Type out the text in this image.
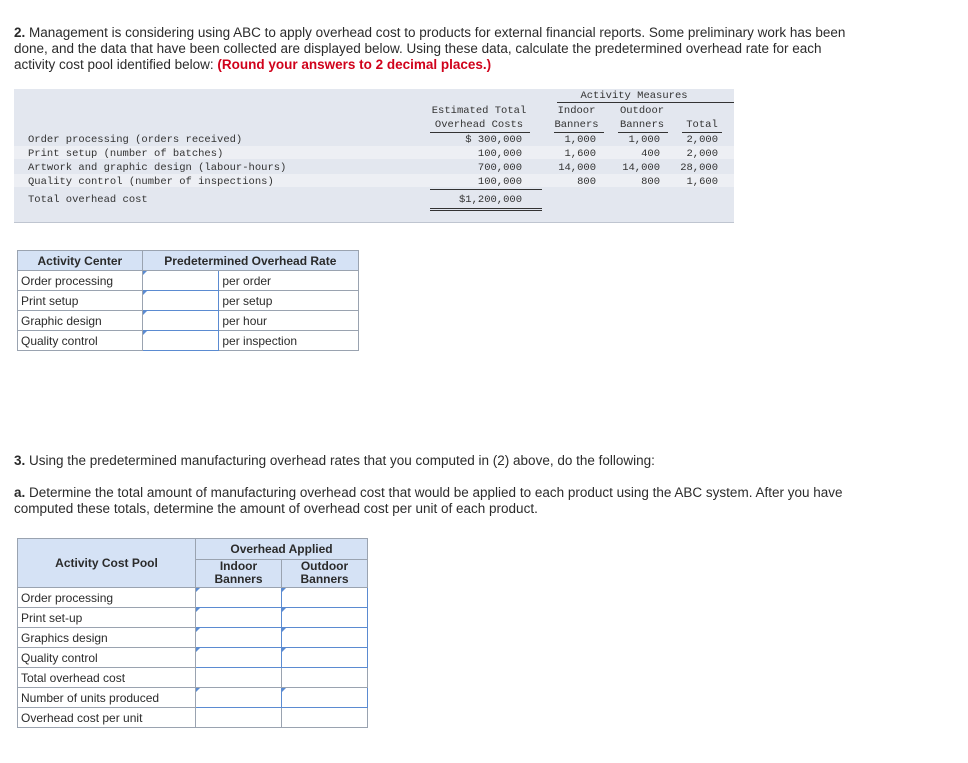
2. Management is considering using ABC to apply overhead cost to products for external financial reports. Some preliminary work has been done, and the data that have been collected are displayed below. Using these data, calculate the predetermined overhead rate for each activity cost pool identified below: (Round your answers to 2 decimal places.)
Activity Measures
Estimated Total
Overhead Costs
Indoor
Banners
Outdoor
Banners	Total
Order processing (orders received)	$ 300,000	1,000	1,000	2,000
Print setup (number of batches)	100,000	1,600	400	2,000
Artwork and graphic design (labour-hours)	700,000	14,000	14,000	28,000
Quality control (number of inspections)	100,000	800	800	1,600
Total overhead cost	$1,200,000
Activity Center	Predetermined Overhead Rate	
Order processing		per order
Print setup		per setup
Graphic design		per hour
Quality control		per inspection
3. Using the predetermined manufacturing overhead rates that you computed in (2) above, do the following:
a. Determine the total amount of manufacturing overhead cost that would be applied to each product using the ABC system. After you have computed these totals, determine the amount of overhead cost per unit of each product.
Activity Cost Pool	Overhead Applied	
	Indoor Banners	Outdoor Banners
Order processing	

Print set-up	

Graphics design	

Quality control	

Total overhead cost		
Number of units produced	

Overhead cost per unit		
